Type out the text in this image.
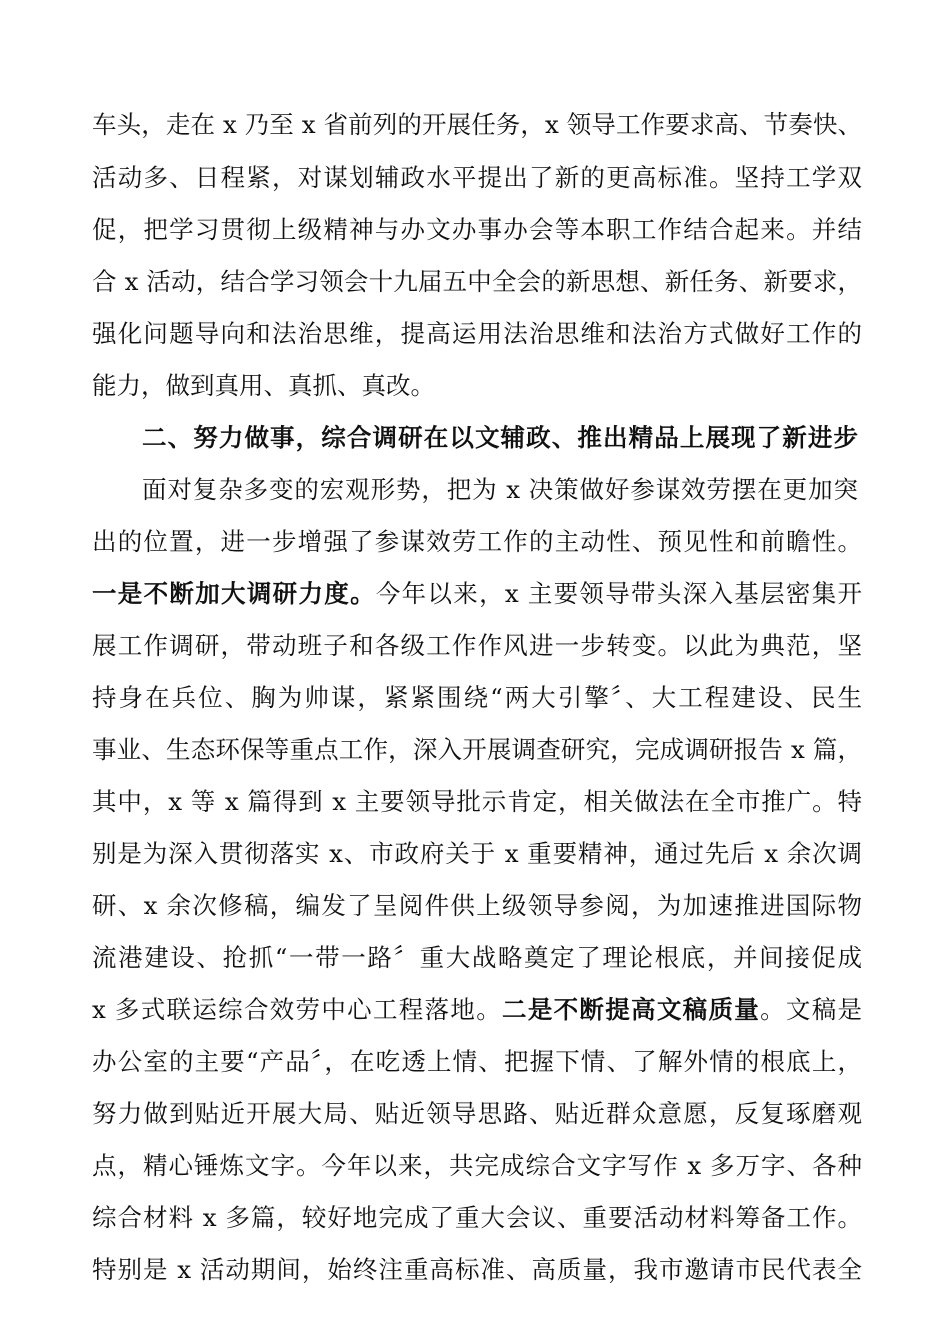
车头，走在 x 乃至 x 省前列的开展任务，x 领导工作要求高、节奏快、
活动多、日程紧，对谋划辅政水平提出了新的更高标准。坚持工学双
促，把学习贯彻上级精神与办文办事办会等本职工作结合起来。并结
合 x 活动，结合学习领会十九届五中全会的新思想、新任务、新要求，
强化问题导向和法治思维，提高运用法治思维和法治方式做好工作的
能力，做到真用、真抓、真改。
二、努力做事，综合调研在以文辅政、推出精品上展现了新进步
面对复杂多变的宏观形势，把为 x 决策做好参谋效劳摆在更加突
出的位置，进一步增强了参谋效劳工作的主动性、预见性和前瞻性。
一是不断加大调研力度。今年以来，x 主要领导带头深入基层密集开
展工作调研，带动班子和各级工作作风进一步转变。以此为典范，坚
持身在兵位、胸为帅谋，紧紧围绕“两大引擎〞、大工程建设、民生
事业、生态环保等重点工作，深入开展调查研究，完成调研报告 x 篇，
其中，x 等 x 篇得到 x 主要领导批示肯定，相关做法在全市推广。特
别是为深入贯彻落实 x、市政府关于 x 重要精神，通过先后 x 余次调
研、x 余次修稿，编发了呈阅件供上级领导参阅，为加速推进国际物
流港建设、抢抓“一带一路〞重大战略奠定了理论根底，并间接促成
x 多式联运综合效劳中心工程落地。二是不断提高文稿质量。文稿是
办公室的主要“产品〞，在吃透上情、把握下情、了解外情的根底上，
努力做到贴近开展大局、贴近领导思路、贴近群众意愿，反复琢磨观
点，精心锤炼文字。今年以来，共完成综合文字写作 x 多万字、各种
综合材料 x 多篇，较好地完成了重大会议、重要活动材料筹备工作。
特别是 x 活动期间，始终注重高标准、高质量，我市邀请市民代表全
